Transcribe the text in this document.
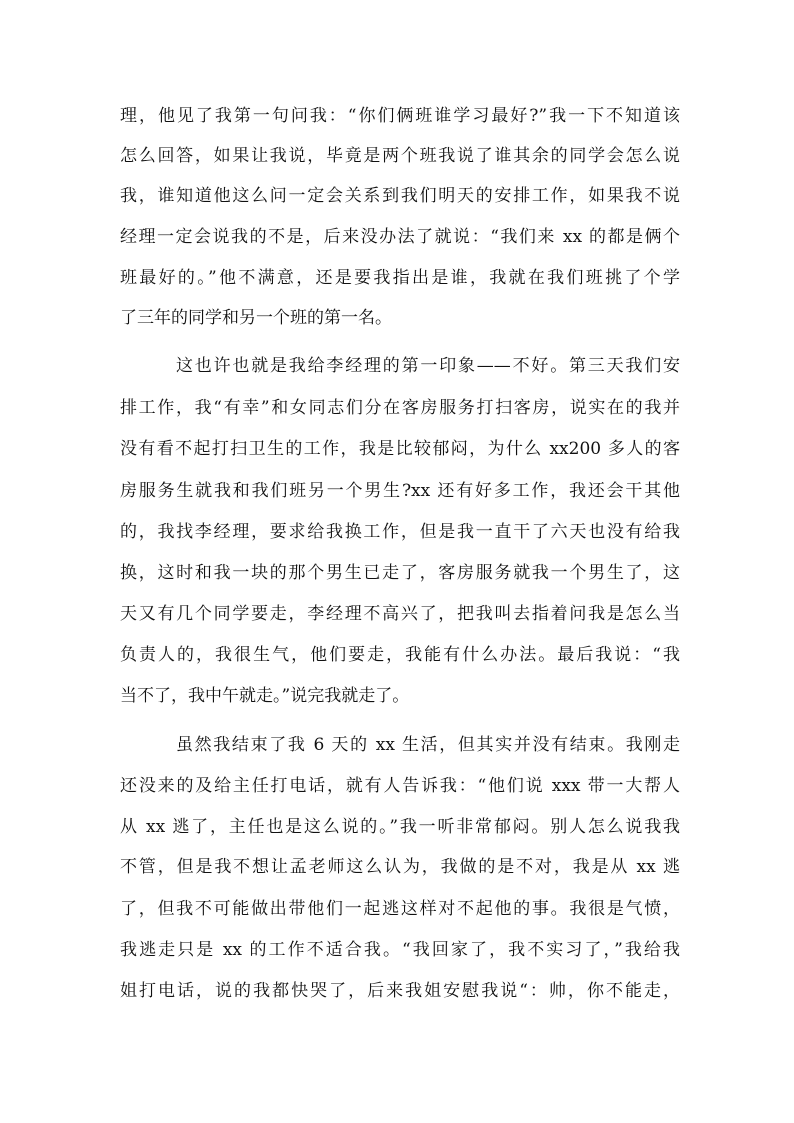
理，他见了我第一句问我：“你们俩班谁学习最好?”我一下不知道该
怎么回答，如果让我说，毕竟是两个班我说了谁其余的同学会怎么说
我，谁知道他这么问一定会关系到我们明天的安排工作，如果我不说
经理一定会说我的不是，后来没办法了就说：“我们来 xx 的都是俩个
班最好的。”他不满意，还是要我指出是谁，我就在我们班挑了个学
了三年的同学和另一个班的第一名。
这也许也就是我给李经理的第一印象——不好。第三天我们安
排工作，我“有幸”和女同志们分在客房服务打扫客房，说实在的我并
没有看不起打扫卫生的工作，我是比较郁闷，为什么 xx200 多人的客
房服务生就我和我们班另一个男生?xx 还有好多工作，我还会干其他
的，我找李经理，要求给我换工作，但是我一直干了六天也没有给我
换，这时和我一块的那个男生已走了，客房服务就我一个男生了，这
天又有几个同学要走，李经理不高兴了，把我叫去指着问我是怎么当
负责人的，我很生气，他们要走，我能有什么办法。最后我说：“我
当不了，我中午就走。”说完我就走了。
虽然我结束了我 6 天的 xx 生活，但其实并没有结束。我刚走
还没来的及给主任打电话，就有人告诉我：“他们说 xxx 带一大帮人
从 xx 逃了，主任也是这么说的。”我一听非常郁闷。别人怎么说我我
不管，但是我不想让孟老师这么认为，我做的是不对，我是从 xx 逃
了，但我不可能做出带他们一起逃这样对不起他的事。我很是气愤，
我逃走只是 xx 的工作不适合我。“我回家了，我不实习了，”我给我
姐打电话，说的我都快哭了，后来我姐安慰我说“：帅，你不能走，
